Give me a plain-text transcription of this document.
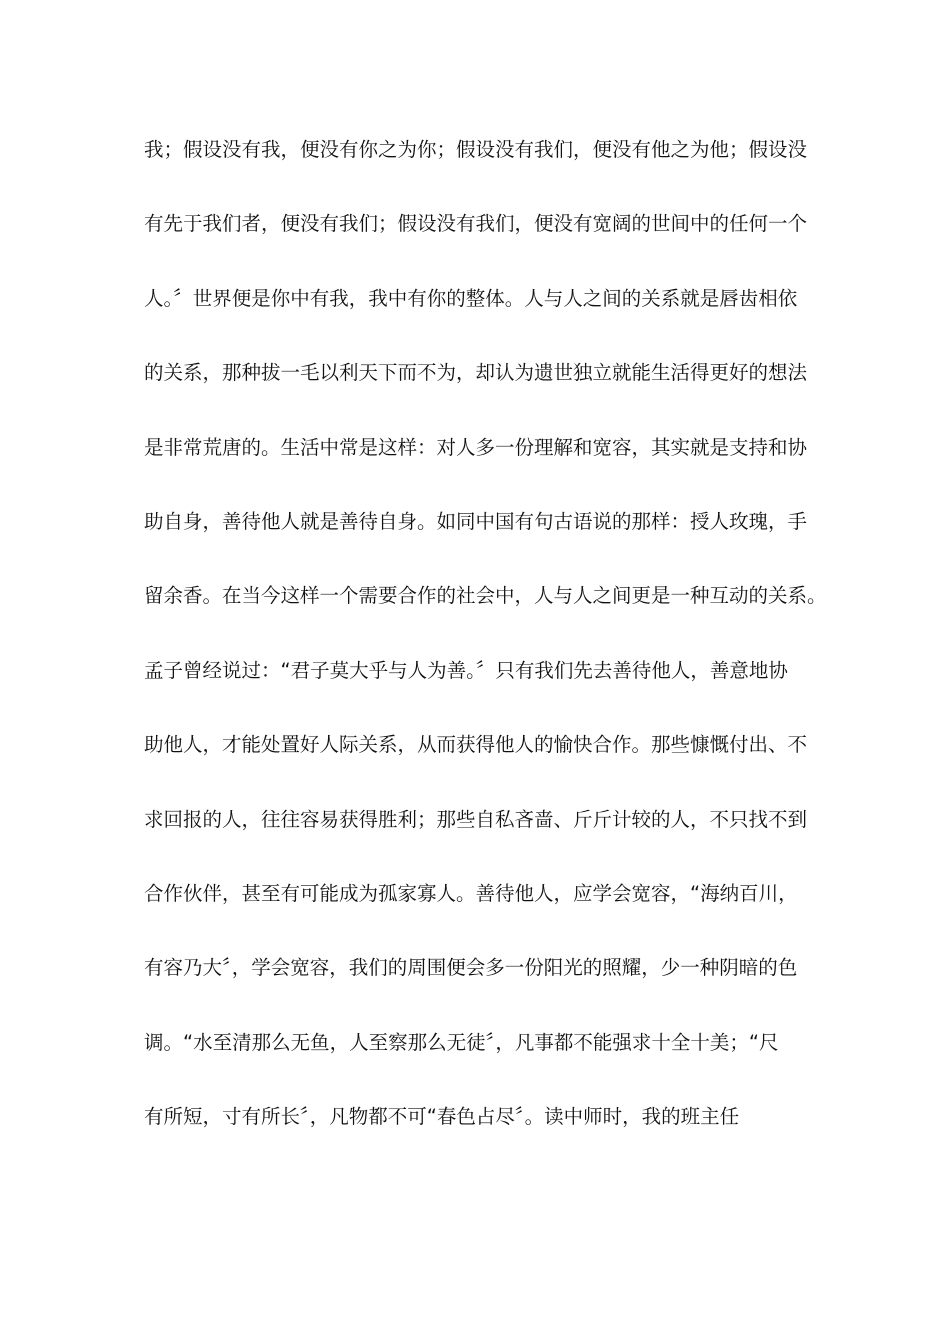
我；假设没有我，便没有你之为你；假设没有我们，便没有他之为他；假设没
有先于我们者，便没有我们；假设没有我们，便没有宽阔的世间中的任何一个
人。〞世界便是你中有我，我中有你的整体。人与人之间的关系就是唇齿相依
的关系，那种拔一毛以利天下而不为，却认为遗世独立就能生活得更好的想法
是非常荒唐的。生活中常是这样：对人多一份理解和宽容，其实就是支持和协
助自身，善待他人就是善待自身。如同中国有句古语说的那样：授人玫瑰，手
留余香。在当今这样一个需要合作的社会中，人与人之间更是一种互动的关系。
孟子曾经说过：“君子莫大乎与人为善。〞只有我们先去善待他人，善意地协
助他人，才能处置好人际关系，从而获得他人的愉快合作。那些慷慨付出、不
求回报的人，往往容易获得胜利；那些自私吝啬、斤斤计较的人，不只找不到
合作伙伴，甚至有可能成为孤家寡人。善待他人，应学会宽容，“海纳百川，
有容乃大〞，学会宽容，我们的周围便会多一份阳光的照耀，少一种阴暗的色
调。“水至清那么无鱼，人至察那么无徒〞，凡事都不能强求十全十美；“尺
有所短，寸有所长〞，凡物都不可“春色占尽〞。读中师时，我的班主任
